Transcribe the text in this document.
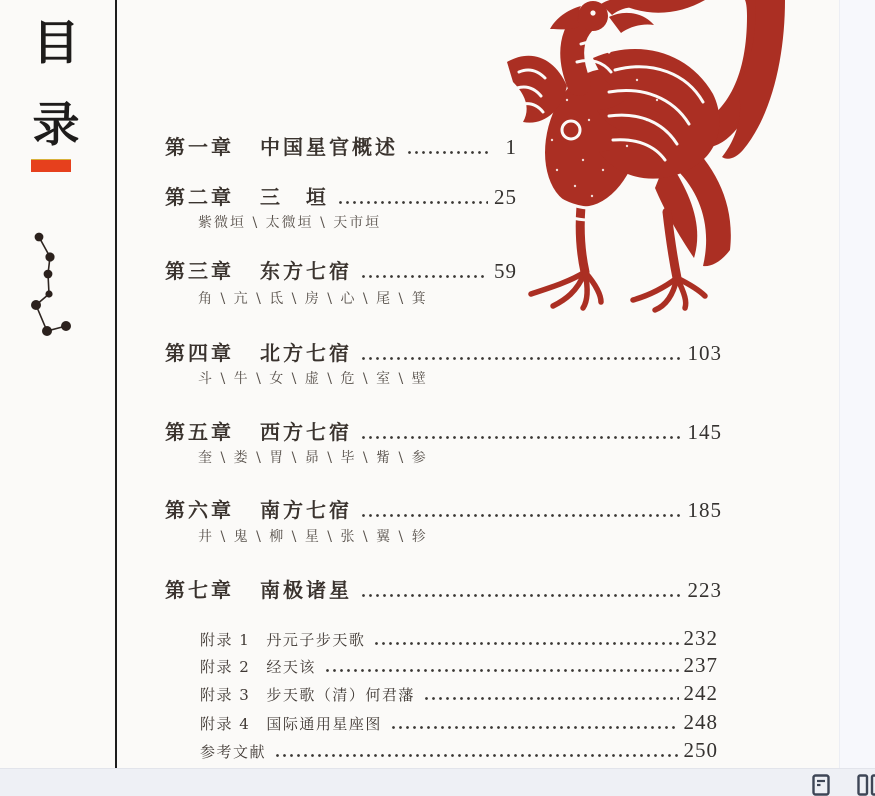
目
录	第一章 中国星官概述	1
第二章 三　垣	25
紫微垣 \ 太微垣 \ 天市垣
第三章 东方七宿	59
角 \ 亢 \ 氐 \ 房 \ 心 \ 尾 \ 箕
第四章 北方七宿	103
斗 \ 牛 \ 女 \ 虚 \ 危 \ 室 \ 壁
第五章 西方七宿	145
奎 \ 娄 \ 胃 \ 昴 \ 毕 \ 觜 \ 参
第六章 南方七宿	185
井 \ 鬼 \ 柳 \ 星 \ 张 \ 翼 \ 轸
第七章 南极诸星	223
附录 1 丹元子步天歌	232
附录 2 经天该	237
附录 3 步天歌（清）何君藩	242
附录 4 国际通用星座图	248
参考文献	250
